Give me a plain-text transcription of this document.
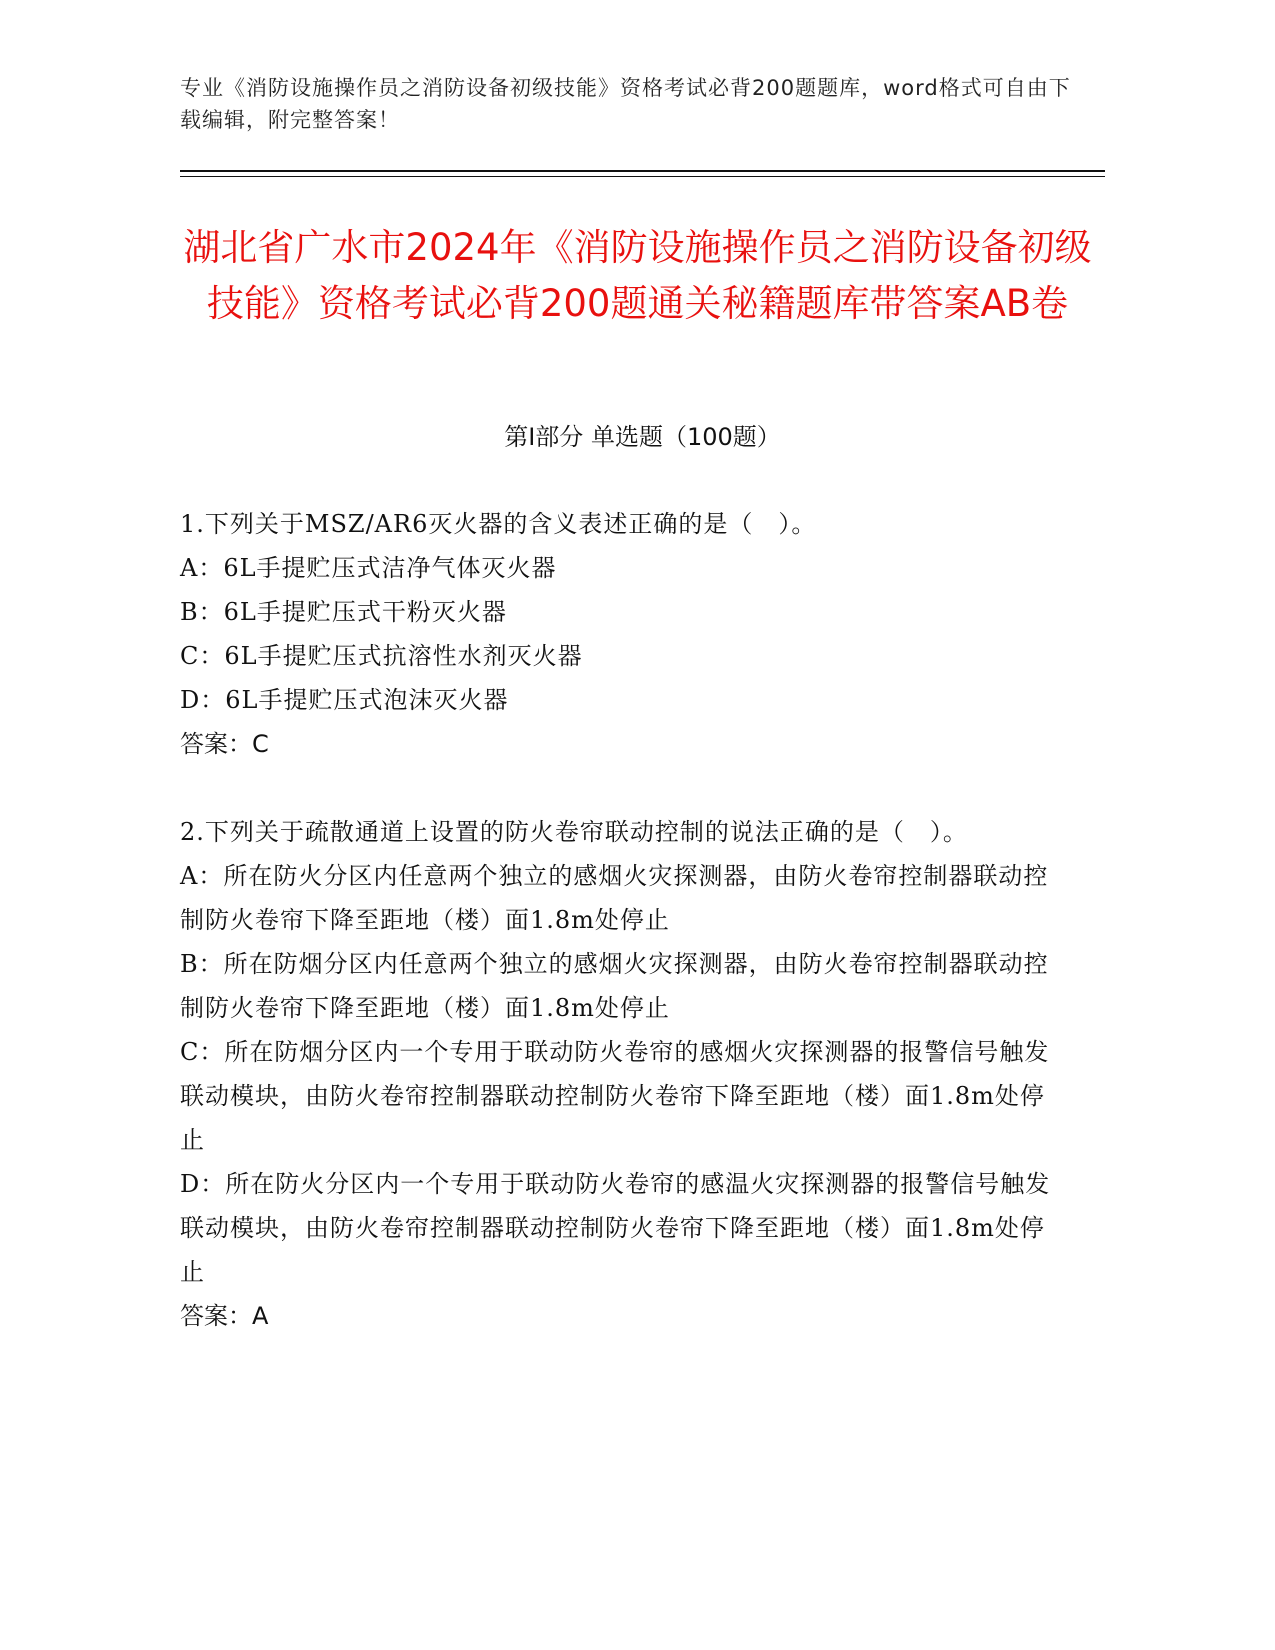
专业《消防设施操作员之消防设备初级技能》资格考试必背200题题库，word格式可自由下载编辑，附完整答案！
湖北省广水市2024年《消防设施操作员之消防设备初级技能》资格考试必背200题通关秘籍题库带答案AB卷
第Ⅰ部分 单选题（100题）
1.下列关于MSZ/AR6灭火器的含义表述正确的是（　）。
A：6L手提贮压式洁净气体灭火器
B：6L手提贮压式干粉灭火器
C：6L手提贮压式抗溶性水剂灭火器
D：6L手提贮压式泡沫灭火器
答案：C
2.下列关于疏散通道上设置的防火卷帘联动控制的说法正确的是（　）。
A：所在防火分区内任意两个独立的感烟火灾探测器，由防火卷帘控制器联动控制防火卷帘下降至距地（楼）面1.8m处停止
B：所在防烟分区内任意两个独立的感烟火灾探测器，由防火卷帘控制器联动控制防火卷帘下降至距地（楼）面1.8m处停止
C：所在防烟分区内一个专用于联动防火卷帘的感烟火灾探测器的报警信号触发联动模块，由防火卷帘控制器联动控制防火卷帘下降至距地（楼）面1.8m处停止
D：所在防火分区内一个专用于联动防火卷帘的感温火灾探测器的报警信号触发联动模块，由防火卷帘控制器联动控制防火卷帘下降至距地（楼）面1.8m处停止
答案：A
